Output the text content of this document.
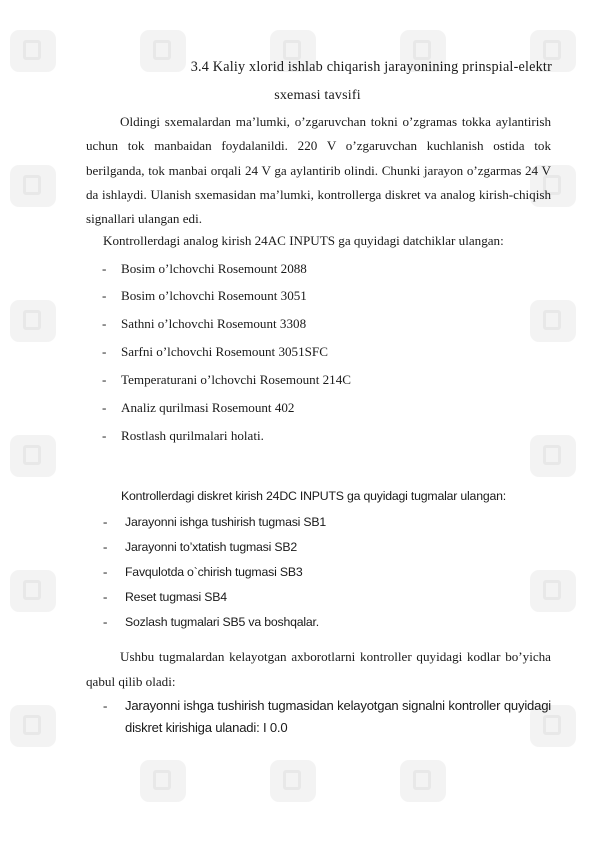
3.4 Kaliy xlorid ishlab chiqarish jarayonining prinspial-elektr
sxemasi tavsifi

Oldingi sxemalardan ma’lumki, o’zgaruvchan tokni o’zgramas tokka aylantirish uchun tok manbaidan foydalanildi. 220 V o’zgaruvchan kuchlanish ostida tok berilganda, tok manbai orqali 24 V ga aylantirib olindi. Chunki jarayon o’zgarmas 24 V da ishlaydi. Ulanish sxemasidan ma’lumki, kontrollerga diskret va analog kirish-chiqish signallari ulangan edi.

Kontrollerdagi analog kirish 24AC INPUTS ga quyidagi datchiklar ulangan:
- Bosim o’lchovchi Rosemount 2088
- Bosim o’lchovchi Rosemount 3051
- Sathni o’lchovchi Rosemount 3308
- Sarfni o’lchovchi Rosemount 3051SFC
- Temperaturani o’lchovchi Rosemount 214C
- Analiz qurilmasi Rosemount 402
- Rostlash qurilmalari holati.
Kontrollerdagi diskret kirish 24DC INPUTS ga quyidagi tugmalar ulangan:
- Jarayonni ishga tushirish tugmasi SB1
- Jarayonni to’xtatish tugmasi SB2
- Favqulotda o`chirish tugmasi SB3
- Reset tugmasi SB4
- Sozlash tugmalari SB5 va boshqalar.

Ushbu tugmalardan kelayotgan axborotlarni kontroller quyidagi kodlar bo’yicha qabul qilib oladi:

- Jarayonni ishga tushirish tugmasidan kelayotgan signalni kontroller quyidagi diskret kirishiga ulanadi: I 0.0
